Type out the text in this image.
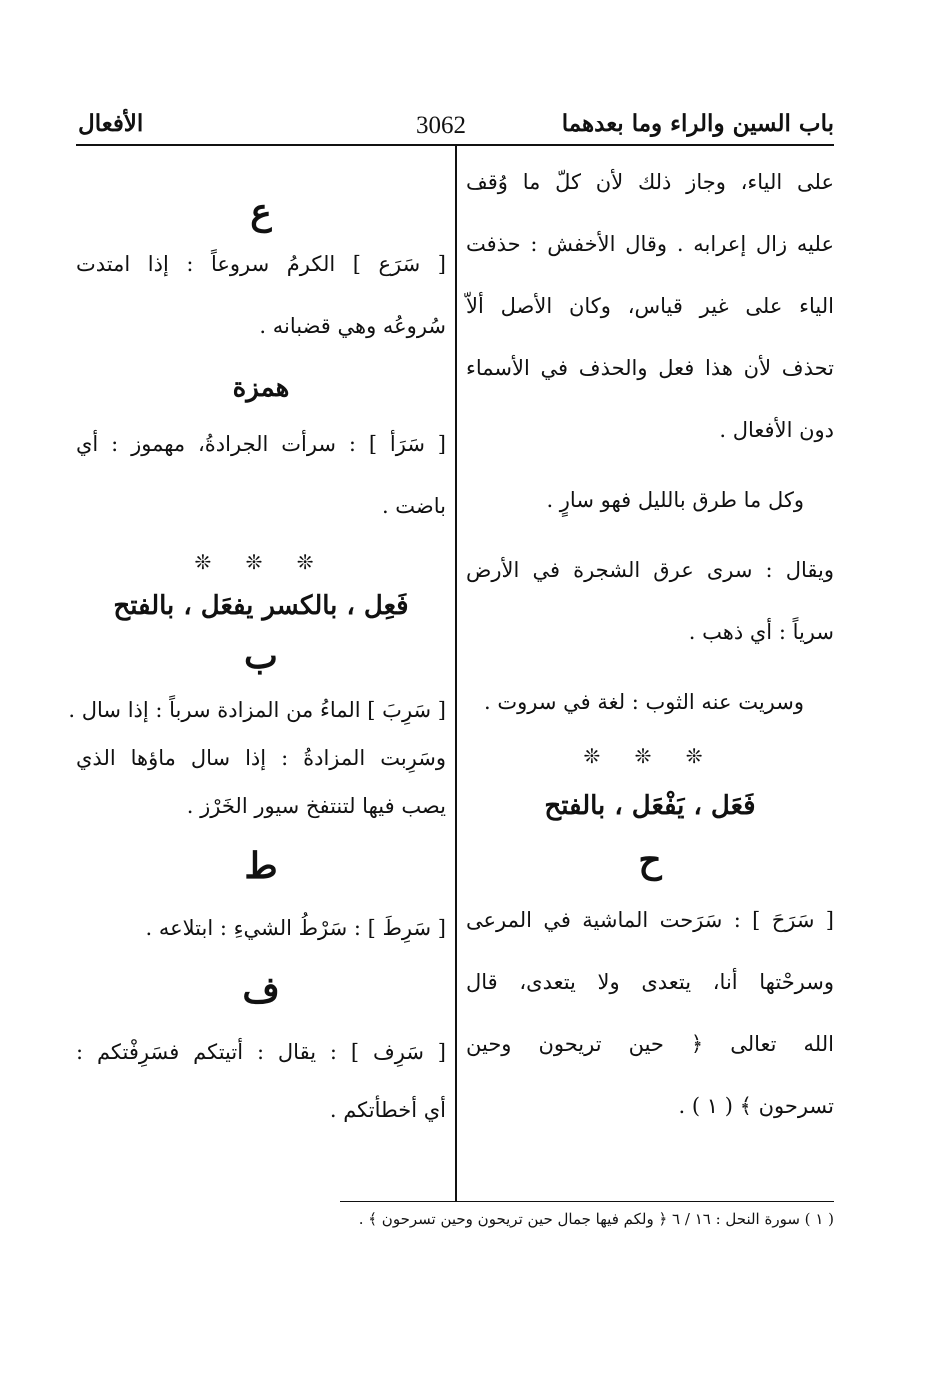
باب السين والراء وما بعدهما
3062
الأفعال
على الياء، وجاز ذلك لأن كلّ ما وُقف
عليه زال إعرابه . وقال الأخفش : حذفت
الياء على غير قياس، وكان الأصل ألاّ
تحذف لأن هذا فعل والحذف في الأسماء
دون الأفعال .
وكل ما طرق بالليل فهو سارٍ .
ويقال : سرى عرق الشجرة في الأرض
سرياً : أي ذهب .
وسريت عنه الثوب : لغة في سروت .
❊ ❊ ❊
فَعَل ، يَفْعَل ، بالفتح
ح
[ سَرَحَ ] : سَرَحت الماشية في المرعى
وسرحْتها أنا، يتعدى ولا يتعدى، قال
الله تعالى ﴿ حين تريحون وحين
تسرحون ﴾ ( ١ ) .
ع
[ سَرَع ] الكرمُ سروعاً : إذا امتدت
سُروعُه وهي قضبانه .
همزة
[ سَرَأ ] : سرأت الجرادةُ، مهموز : أي
باضت .
❊ ❊ ❊
فَعِل ، بالكسر يفعَل ، بالفتح
ب
[ سَرِبَ ] الماءُ من المزادة سرباً : إذا سال .
وسَرِبت المزادةُ : إذا سال ماؤها الذي
يصب فيها لتنتفخ سيور الخَرْز .
ط
[ سَرِطَ ] : سَرْطُ الشيءِ : ابتلاعه .
ف
[ سَرِف ] : يقال : أتيتكم فسَرِفْتكم :
أي أخطأتكم .
( ١ ) سورة النحل : ١٦ / ٦ ﴿ ولكم فيها جمال حين تريحون وحين تسرحون ﴾ .
